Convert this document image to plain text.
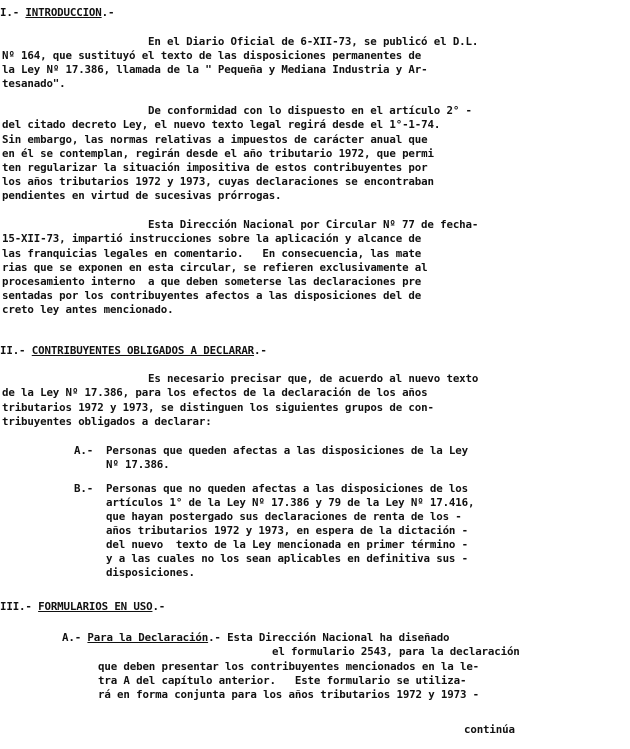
I.- INTRODUCCION.-
En el Diario Oficial de 6-XII-73, se publicó el D.L.
Nº 164, que sustituyó el texto de las disposiciones permanentes de
la Ley Nº 17.386, llamada de la " Pequeña y Mediana Industria y Ar-
tesanado".
De conformidad con lo dispuesto en el artículo 2° -
del citado decreto Ley, el nuevo texto legal regirá desde el 1°-1-74.
Sin embargo, las normas relativas a impuestos de carácter anual que
en él se contemplan, regirán desde el año tributario 1972, que permi
ten regularizar la situación impositiva de estos contribuyentes por
los años tributarios 1972 y 1973, cuyas declaraciones se encontraban
pendientes en virtud de sucesivas prórrogas.
Esta Dirección Nacional por Circular Nº 77 de fecha-
15-XII-73, impartió instrucciones sobre la aplicación y alcance de
las franquicias legales en comentario.   En consecuencia, las mate
rias que se exponen en esta circular, se refieren exclusivamente al
procesamiento interno  a que deben someterse las declaraciones pre
sentadas por los contribuyentes afectos a las disposiciones del de
creto ley antes mencionado.
II.- CONTRIBUYENTES OBLIGADOS A DECLARAR.-
Es necesario precisar que, de acuerdo al nuevo texto
de la Ley Nº 17.386, para los efectos de la declaración de los años
tributarios 1972 y 1973, se distinguen los siguientes grupos de con-
tribuyentes obligados a declarar:
A.- Personas que queden afectas a las disposiciones de la Ley
Nº 17.386.
B.- Personas que no queden afectas a las disposiciones de los
artículos 1° de la Ley Nº 17.386 y 79 de la Ley Nº 17.416,
que hayan postergado sus declaraciones de renta de los -
años tributarios 1972 y 1973, en espera de la dictación -
del nuevo  texto de la Ley mencionada en primer término -
y a las cuales no los sean aplicables en definitiva sus -
disposiciones.
III.- FORMULARIOS EN USO.-
A.- Para la Declaración.- Esta Dirección Nacional ha diseñado
el formulario 2543, para la declaración
que deben presentar los contribuyentes mencionados en la le-
tra A del capítulo anterior.   Este formulario se utiliza-
rá en forma conjunta para los años tributarios 1972 y 1973 -
continúa
